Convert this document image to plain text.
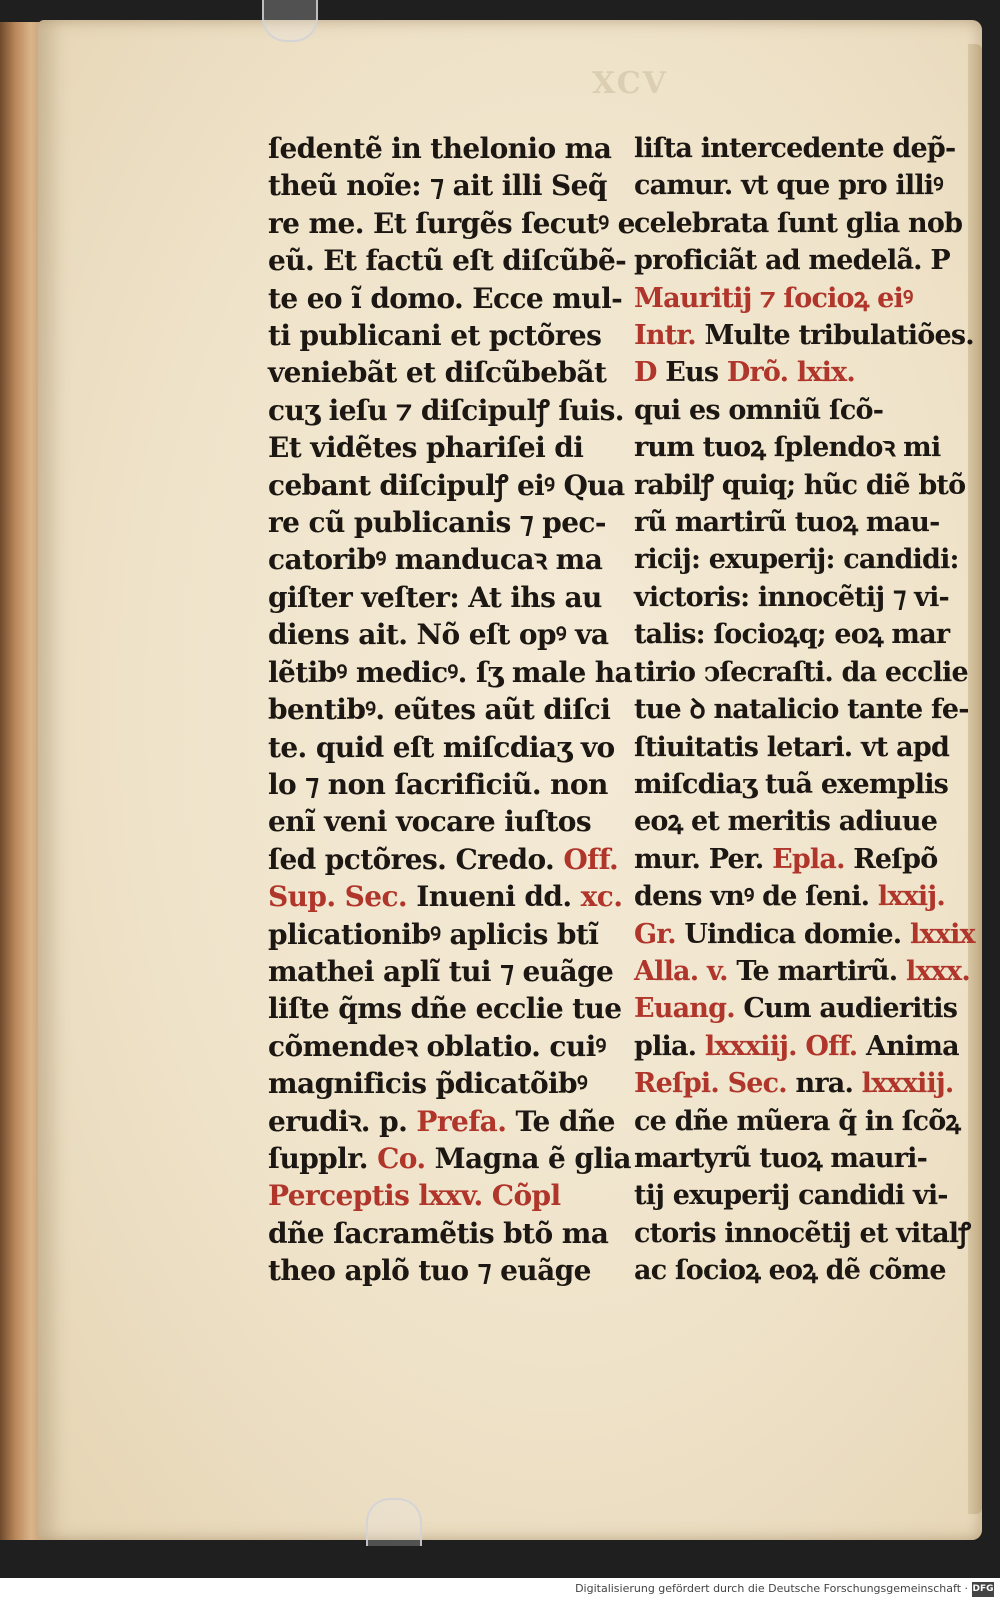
XCV
ſedentẽ in thelonio ma
theũ noĩe: ⁊ ait illi Seq̃
re me. Et ſurgẽs ſecutꝰ e
eũ. Et factũ eſt diſcũbẽ-
te eo ĩ domo. Ecce mul-
ti publicani et pctõres
veniebãt et diſcũbebãt
cuʒ ieſu ⁊ diſcipulꝭ ſuis.
Et vidẽtes phariſei di
cebant diſcipulꝭ eiꝰ Qua
re cũ publicanis ⁊ pec-
catoribꝰ manducaꝛ ma
giſter veſter: At ihs au
diens ait. Nõ eſt opꝰ va
lẽtibꝰ medicꝰ. ſʒ male ha
bentibꝰ. eũtes aũt diſci
te. quid eſt miſcdiaʒ vo
lo ⁊ non ſacrificiũ. non
enĩ veni vocare iuſtos
ſed pctõres. Credo. Off.
Sup. Sec. Inueni dd. xc.
plicationibꝰ aplicis btĩ
mathei aplĩ tui ⁊ euãge
liſte q̃ms dñe ecclie tue
cõmendeꝛ oblatio. cuiꝰ
magnificis p̃dicatõibꝰ
erudiꝛ. p. Prefa. Te dñe
ſupplr. Co. Magna ẽ glia
Perceptis lxxv. Cõpl
dñe ſacramẽtis btõ ma
theo aplõ tuo ⁊ euãge
liſta intercedente dep̃-
camur. vt que pro illiꝰ
celebrata ſunt glia nob
proficiãt ad medelã. P
Mauritij ⁊ ſocioꝝ eiꝰ
Intr. Multe tribulatiões.
D Eus Drõ. lxix.
qui es omniũ ſcõ-
rum tuoꝝ ſplendoꝛ mi
rabilꝭ quiq; hũc diẽ btõ
rũ martirũ tuoꝝ mau-
ricij: exuperij: candidi:
victoris: innocẽtij ⁊ vi-
talis: ſocioꝝq; eoꝝ mar
tirio ↄſecraſti. da ecclie
tue ꝺ natalicio tante fe-
ſtiuitatis letari. vt apd
miſcdiaʒ tuã exemplis
eoꝝ et meritis adiuue
mur. Per. Epla. Reſpõ
dens vnꝰ de ſeni. lxxij.
Gr. Uindica domie. lxxix
Alla. v. Te martirũ. lxxx.
Euang. Cum audieritis
plia. lxxxiij. Off. Anima
Reſpi. Sec. nra. lxxxiij.
ce dñe mũera q̃ in ſcõꝝ
martyrũ tuoꝝ mauri-
tij exuperij candidi vi-
ctoris innocẽtij et vitalꝭ
ac ſocioꝝ eoꝝ dẽ cõme
Digitalisierung gefördert durch die Deutsche Forschungsgemeinschaft · DFG
